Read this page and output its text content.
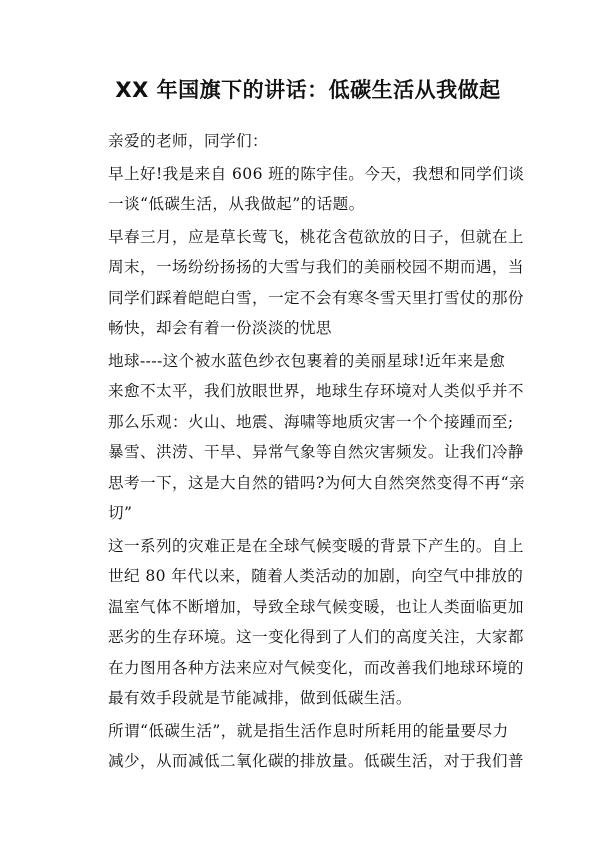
XX 年国旗下的讲话：低碳生活从我做起

亲爱的老师，同学们：

早上好!我是来自 606 班的陈宇佳。今天，我想和同学们谈
一谈“低碳生活，从我做起”的话题。

早春三月，应是草长莺飞，桃花含苞欲放的日子，但就在上
周末，一场纷纷扬扬的大雪与我们的美丽校园不期而遇，当
同学们踩着皑皑白雪，一定不会有寒冬雪天里打雪仗的那份
畅快，却会有着一份淡淡的忧思

地球----这个被水蓝色纱衣包裹着的美丽星球!近年来是愈
来愈不太平，我们放眼世界，地球生存环境对人类似乎并不
那么乐观：火山、地震、海啸等地质灾害一个个接踵而至;
暴雪、洪涝、干旱、异常气象等自然灾害频发。让我们冷静
思考一下，这是大自然的错吗?为何大自然突然变得不再“亲
切”

这一系列的灾难正是在全球气候变暖的背景下产生的。自上
世纪 80 年代以来，随着人类活动的加剧，向空气中排放的
温室气体不断增加，导致全球气候变暖，也让人类面临更加
恶劣的生存环境。这一变化得到了人们的高度关注，大家都
在力图用各种方法来应对气候变化，而改善我们地球环境的
最有效手段就是节能减排，做到低碳生活。

所谓“低碳生活”，就是指生活作息时所耗用的能量要尽力
减少，从而减低二氧化碳的排放量。低碳生活，对于我们普
